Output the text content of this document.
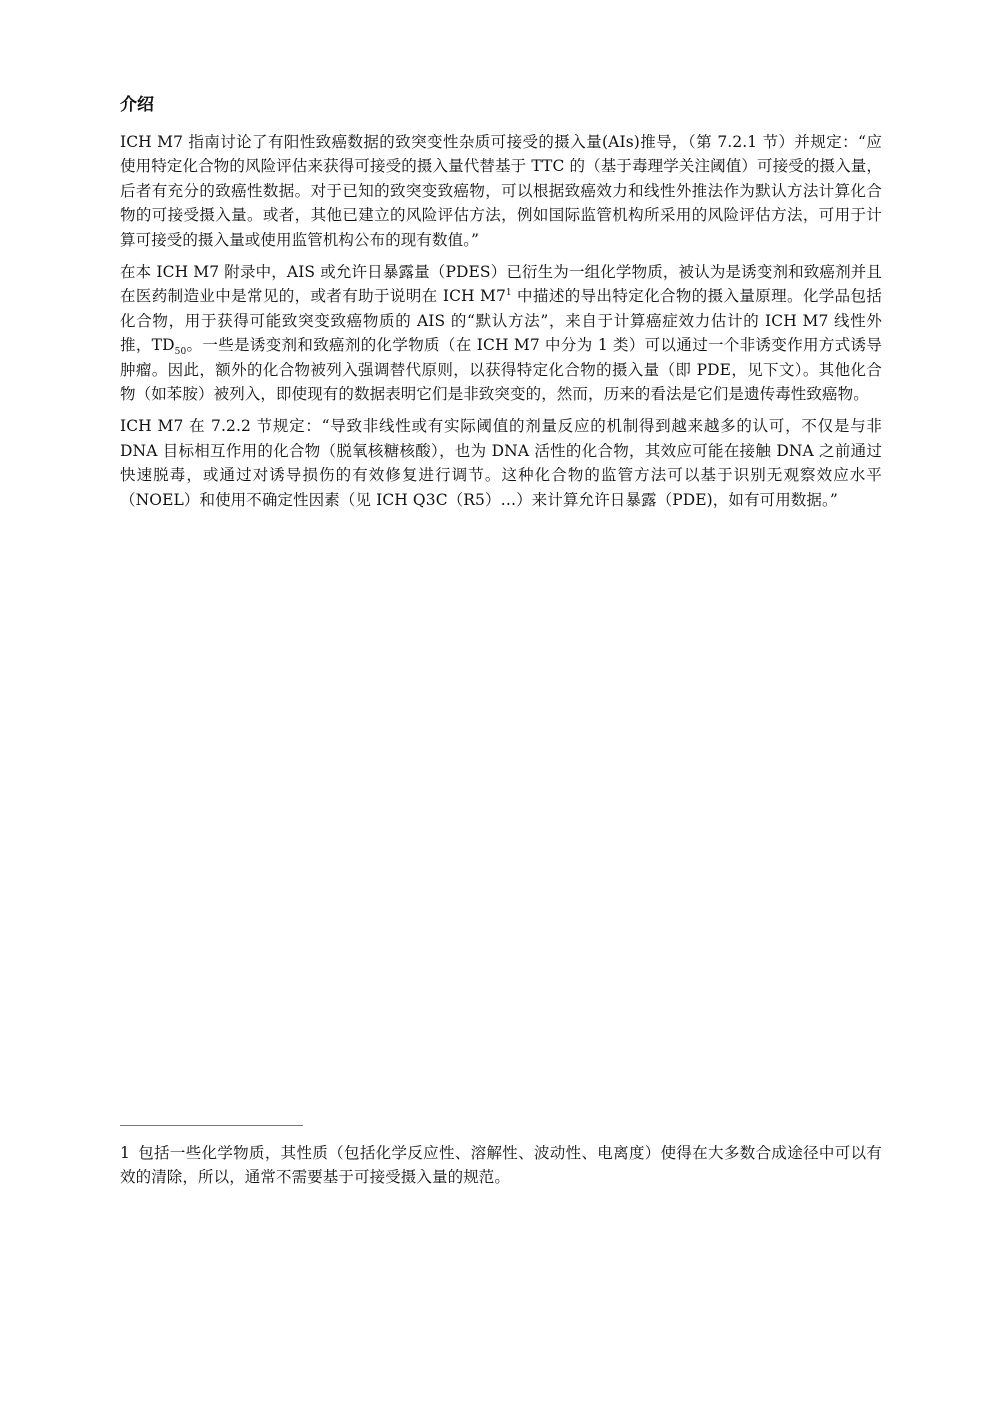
介绍

ICH M7 指南讨论了有阳性致癌数据的致突变性杂质可接受的摄入量(AIs)推导，（第 7.2.1 节）并规定：“应使用特定化合物的风险评估来获得可接受的摄入量代替基于 TTC 的（基于毒理学关注阈值）可接受的摄入量，后者有充分的致癌性数据。对于已知的致突变致癌物，可以根据致癌效力和线性外推法作为默认方法计算化合物的可接受摄入量。或者，其他已建立的风险评估方法，例如国际监管机构所采用的风险评估方法，可用于计算可接受的摄入量或使用监管机构公布的现有数值。”

在本 ICH M7 附录中，AIS 或允许日暴露量（PDES）已衍生为一组化学物质，被认为是诱变剂和致癌剂并且在医药制造业中是常见的，或者有助于说明在 ICH $M7^1$ 中描述的导出特定化合物的摄入量原理。化学品包括化合物，用于获得可能致突变致癌物质的 AIS 的“默认方法”，来自于计算癌症效力估计的 ICH M7 线性外推，$TD_{50}$。一些是诱变剂和致癌剂的化学物质（在 ICH M7 中分为 1 类）可以通过一个非诱变作用方式诱导肿瘤。因此，额外的化合物被列入强调替代原则，以获得特定化合物的摄入量（即 PDE，见下文）。其他化合物（如苯胺）被列入，即使现有的数据表明它们是非致突变的，然而，历来的看法是它们是遗传毒性致癌物。

ICH M7 在 7.2.2 节规定：“导致非线性或有实际阈值的剂量反应的机制得到越来越多的认可，不仅是与非 DNA 目标相互作用的化合物（脱氧核糖核酸），也为 DNA 活性的化合物，其效应可能在接触 DNA 之前通过快速脱毒，或通过对诱导损伤的有效修复进行调节。这种化合物的监管方法可以基于识别无观察效应水平（NOEL）和使用不确定性因素（见 ICH Q3C（R5）…）来计算允许日暴露（PDE)，如有可用数据。”

1 包括一些化学物质，其性质（包括化学反应性、溶解性、波动性、电离度）使得在大多数合成途径中可以有效的清除，所以，通常不需要基于可接受摄入量的规范。
